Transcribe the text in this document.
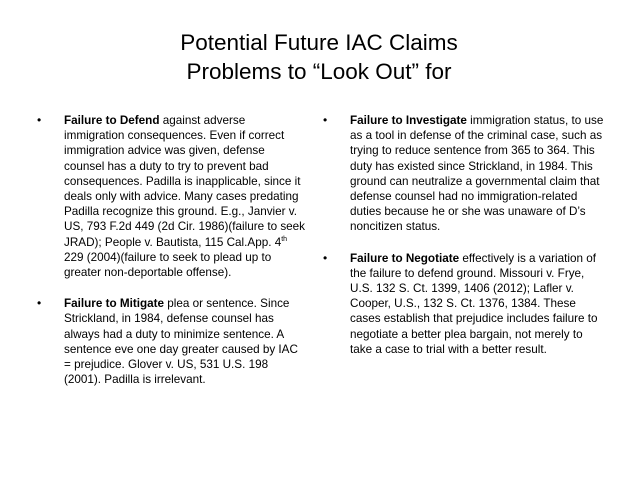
Potential Future IAC Claims
Problems to “Look Out” for
•	Failure to Defend against adverse immigration consequences. Even if correct immigration advice was given, defense counsel has a duty to try to prevent bad consequences. Padilla is inapplicable, since it deals only with advice. Many cases predating Padilla recognize this ground. E.g., Janvier v. US, 793 F.2d 449 (2d Cir. 1986)(failure to seek JRAD); People v. Bautista, 115 Cal.App. 4th 229 (2004)(failure to seek to plead up to greater non-deportable offense).
•	Failure to Mitigate plea or sentence. Since Strickland, in 1984, defense counsel has always had a duty to minimize sentence. A sentence eve one day greater caused by IAC = prejudice. Glover v. US, 531 U.S. 198 (2001). Padilla is irrelevant.
•	Failure to Investigate immigration status, to use as a tool in defense of the criminal case, such as trying to reduce sentence from 365 to 364. This duty has existed since Strickland, in 1984. This ground can neutralize a governmental claim that defense counsel had no immigration-related duties because he or she was unaware of D’s noncitizen status.
•	Failure to Negotiate effectively is a variation of the failure to defend ground. Missouri v. Frye, U.S. 132 S. Ct. 1399, 1406 (2012); Lafler v. Cooper, U.S., 132 S. Ct. 1376, 1384. These cases establish that prejudice includes failure to negotiate a better plea bargain, not merely to take a case to trial with a better result.
